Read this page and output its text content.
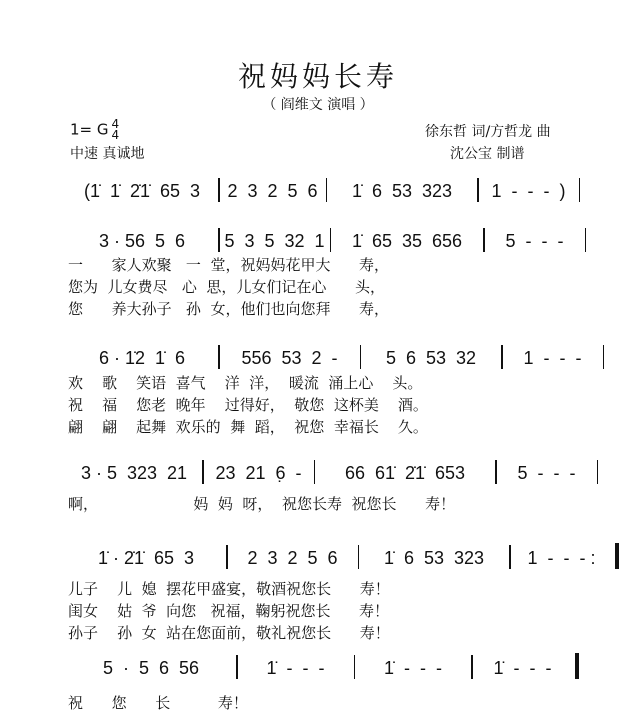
祝妈妈长寿
（ 阎维文 演唱 ）
1= G 4
4
中速 真诚地
徐东哲 词/方哲龙 曲
沈公宝 制谱
(1̇  1̇  2̇1̇  65  3	2  3  2  5  6	1̇  6  53  323	1  -  -  -  )
3 · 56  5  6	5  3  5  32  1	1̇  65  35  656	5  -  -  -
一      家人欢聚   一  堂，祝妈妈花甲大      寿，
您为  儿女费尽   心  思，儿女们记在心      头，
您      养大孙子   孙  女，他们也向您拜      寿，
6 · 1̇2  1̇  6	556  53  2  -	5  6  53  32	1  -  -  -
欢    歌    笑语  喜气    洋  洋，  暖流  涌上心    头。
祝    福    您老  晚年    过得好，  敬您  这杯美    酒。
翩    翩    起舞  欢乐的  舞  蹈，  祝您  幸福长    久。
3 · 5  323  21	23  21  6̣  -	66  61̇  2̇1̇  653	5  -  -  -
啊，                    妈  妈  呀，  祝您长寿  祝您长      寿！
1̇ · 2̇1̇  65  3	2  3  2  5  6	1̇  6  53  323	1  -  -  - :
儿子    儿  媳  摆花甲盛宴，敬酒祝您长      寿！
闺女    姑  爷  向您   祝福，鞠躬祝您长      寿！
孙子    孙  女  站在您面前，敬礼祝您长      寿！
5  ·  5  6  56	1̇  -  -  -	1̇  -  -  -	1̇  -  -  -
祝      您      长          寿！
